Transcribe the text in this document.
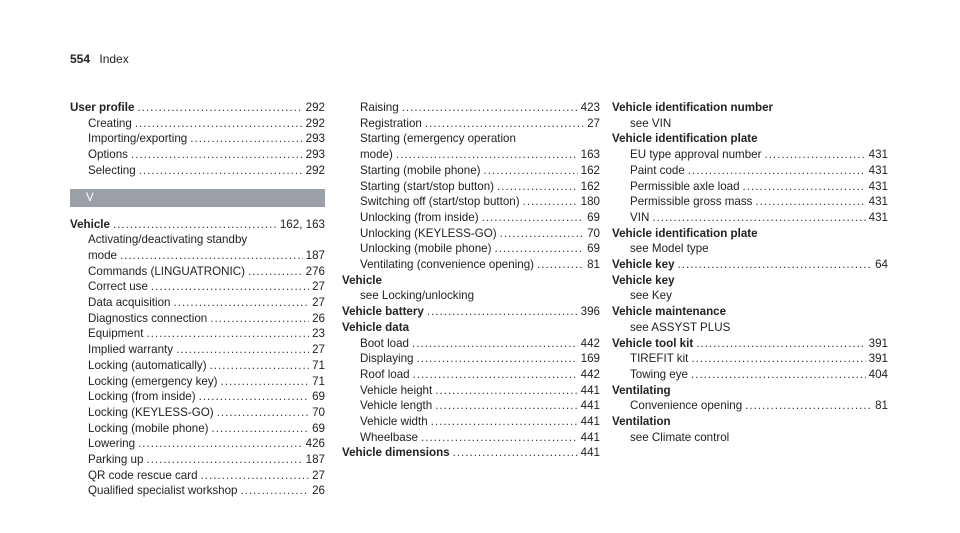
554 Index
User profile .....	292
Creating .....	292
Importing/exporting .....	293
Options .....	293
Selecting .....	292
V
Vehicle .....	162, 163
Activating/deactivating standby
mode .....	187
Commands (LINGUATRONIC) .....	276
Correct use .....	27
Data acquisition .....	27
Diagnostics connection .....	26
Equipment .....	23
Implied warranty .....	27
Locking (automatically) .....	71
Locking (emergency key) .....	71
Locking (from inside) .....	69
Locking (KEYLESS-GO) .....	70
Locking (mobile phone) .....	69
Lowering .....	426
Parking up .....	187
QR code rescue card .....	27
Qualified specialist workshop .....	26
Raising .....	423
Registration .....	27
Starting (emergency operation
mode) .....	163
Starting (mobile phone) .....	162
Starting (start/stop button) .....	162
Switching off (start/stop button) .....	180
Unlocking (from inside) .....	69
Unlocking (KEYLESS-GO) .....	70
Unlocking (mobile phone) .....	69
Ventilating (convenience opening) .....	81
Vehicle
see Locking/unlocking
Vehicle battery .....	396
Vehicle data
Boot load .....	442
Displaying .....	169
Roof load .....	442
Vehicle height .....	441
Vehicle length .....	441
Vehicle width .....	441
Wheelbase .....	441
Vehicle dimensions .....	441
Vehicle identification number
see VIN
Vehicle identification plate
EU type approval number .....	431
Paint code .....	431
Permissible axle load .....	431
Permissible gross mass .....	431
VIN .....	431
Vehicle identification plate
see Model type
Vehicle key .....	64
Vehicle key
see Key
Vehicle maintenance
see ASSYST PLUS
Vehicle tool kit .....	391
TIREFIT kit .....	391
Towing eye .....	404
Ventilating
Convenience opening .....	81
Ventilation
see Climate control
